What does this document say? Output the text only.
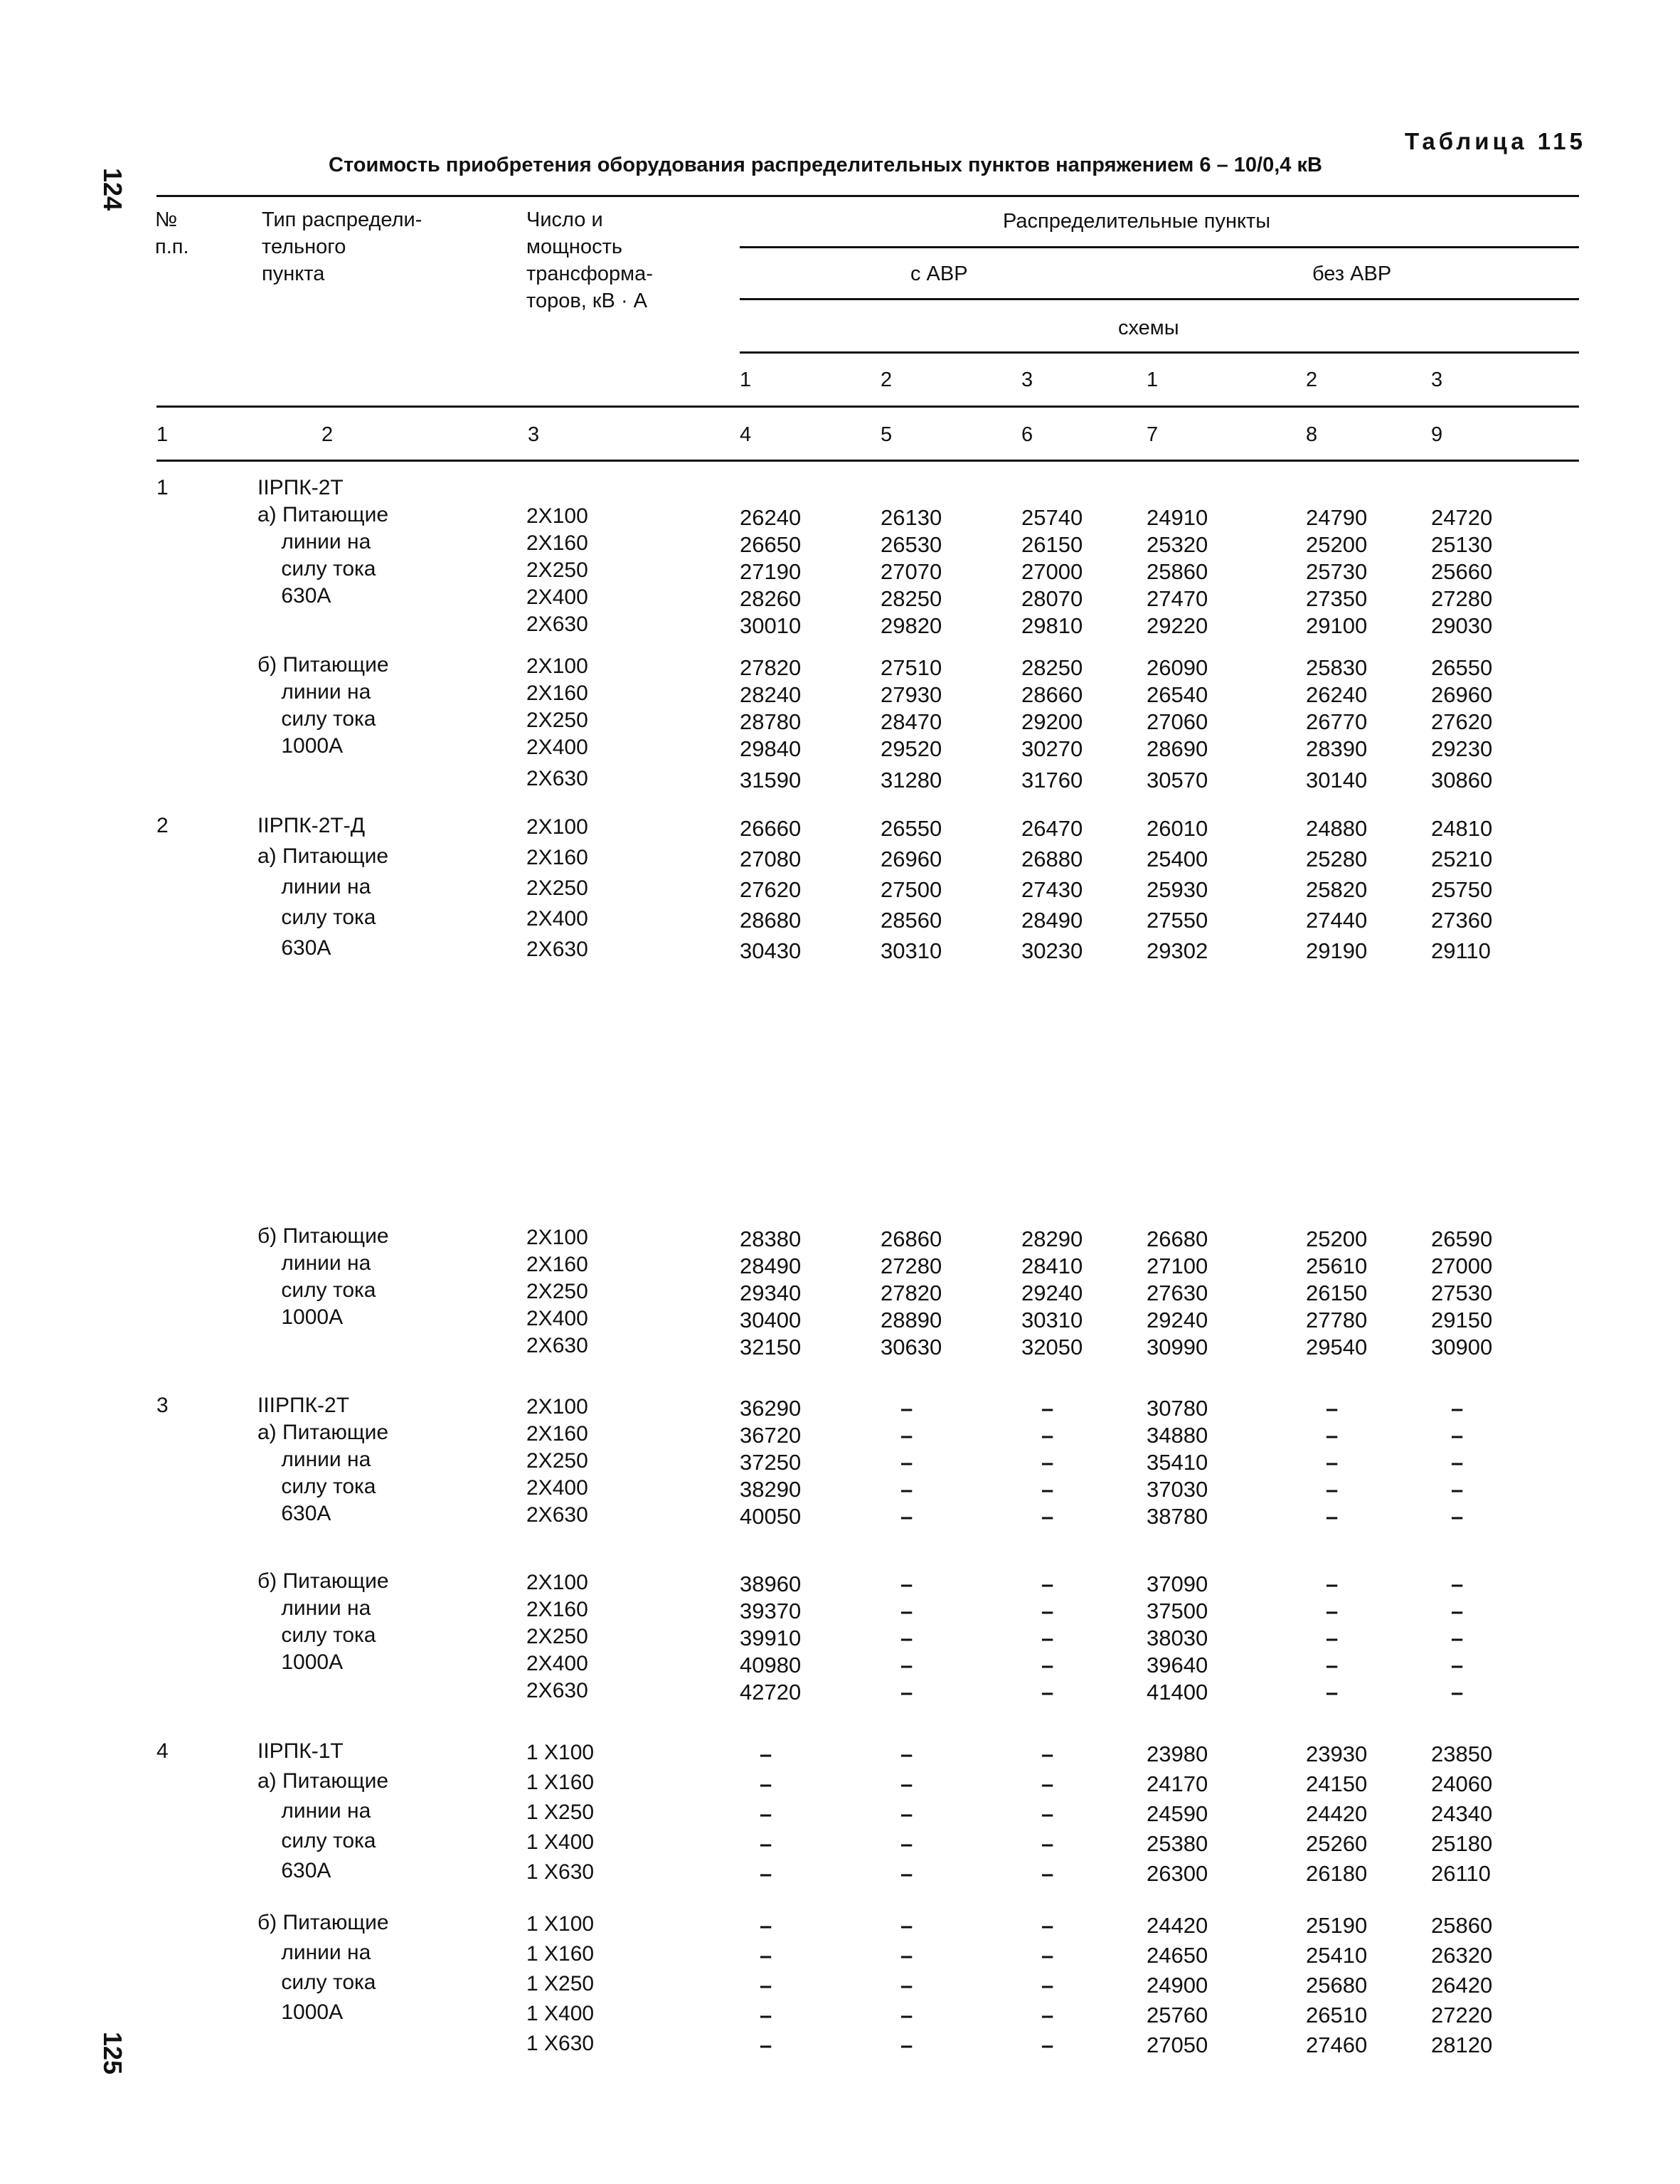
124
125
Таблица 115
Стоимость приобретения оборудования распределительных пунктов напряжением 6 – 10/0,4 кВ
№
п.п.
Тип распредели-
тельного
пункта
Число и
мощность
трансформа-
торов, кВ · А
Распределительные пункты
с АВР	без АВР
схемы
1	2	3	1	2	3
1	2	3	4	5	6	7	8	9
1	IIРПК-2Т
а) Питающие	2X100	26240	26130	25740	24910	24790	24720
линии на	2X160	26650	26530	26150	25320	25200	25130
силу тока	2X250	27190	27070	27000	25860	25730	25660
630А	2X400	28260	28250	28070	27470	27350	27280
2X630	30010	29820	29810	29220	29100	29030
б) Питающие	2X100	27820	27510	28250	26090	25830	26550
линии на	2X160	28240	27930	28660	26540	26240	26960
силу тока	2X250	28780	28470	29200	27060	26770	27620
1000А	2X400	29840	29520	30270	28690	28390	29230
2X630	31590	31280	31760	30570	30140	30860
2	IIРПК-2Т-Д	2X100	26660	26550	26470	26010	24880	24810
а) Питающие	2X160	27080	26960	26880	25400	25280	25210
линии на	2X250	27620	27500	27430	25930	25820	25750
силу тока	2X400	28680	28560	28490	27550	27440	27360
630А	2X630	30430	30310	30230	29302	29190	29110
б) Питающие	2X100	28380	26860	28290	26680	25200	26590
линии на	2X160	28490	27280	28410	27100	25610	27000
силу тока	2X250	29340	27820	29240	27630	26150	27530
1000А	2X400	30400	28890	30310	29240	27780	29150
2X630	32150	30630	32050	30990	29540	30900
3	IIIРПК-2Т	2X100	36290	–	–	30780	–	–
а) Питающие	2X160	36720	–	–	34880	–	–
линии на	2X250	37250	–	–	35410	–	–
силу тока	2X400	38290	–	–	37030	–	–
630А	2X630	40050	–	–	38780	–	–
б) Питающие	2X100	38960	–	–	37090	–	–
линии на	2X160	39370	–	–	37500	–	–
силу тока	2X250	39910	–	–	38030	–	–
1000А	2X400	40980	–	–	39640	–	–
2X630	42720	–	–	41400	–	–
4	IIРПК-1Т	1 X100	–	–	–	23980	23930	23850
а) Питающие	1 X160	–	–	–	24170	24150	24060
линии на	1 X250	–	–	–	24590	24420	24340
силу тока	1 X400	–	–	–	25380	25260	25180
630А	1 X630	–	–	–	26300	26180	26110
б) Питающие	1 X100	–	–	–	24420	25190	25860
линии на	1 X160	–	–	–	24650	25410	26320
силу тока	1 X250	–	–	–	24900	25680	26420
1000А	1 X400	–	–	–	25760	26510	27220
1 X630	–	–	–	27050	27460	28120
